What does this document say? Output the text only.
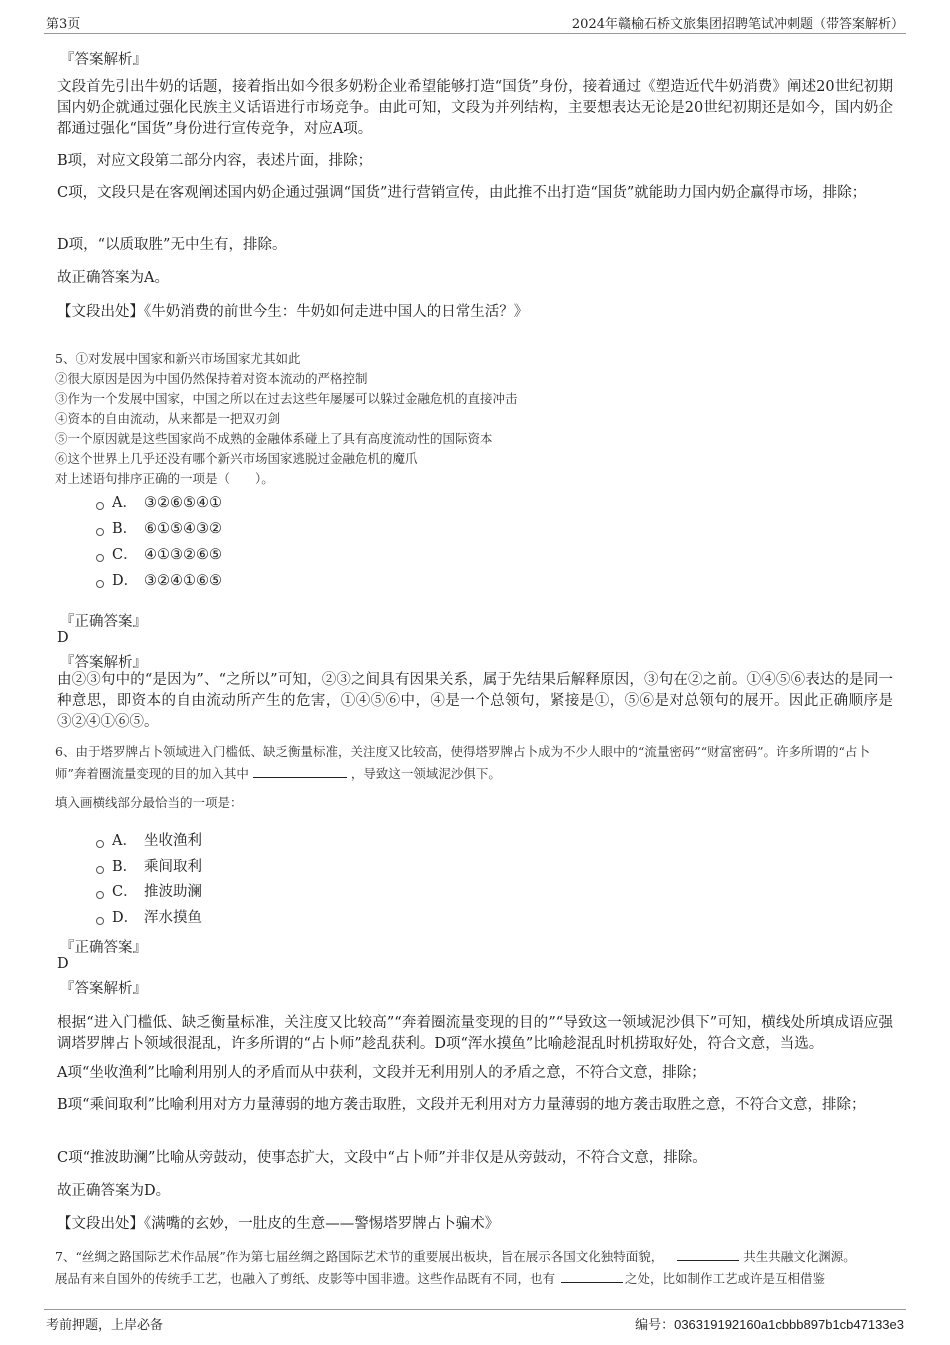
第3页	2024年赣榆石桥文旅集团招聘笔试冲刺题（带答案解析）
『答案解析』
文段首先引出牛奶的话题，接着指出如今很多奶粉企业希望能够打造“国货”身份，接着通过《塑造近代牛奶消费》阐述20世纪初期国内奶企就通过强化民族主义话语进行市场竞争。由此可知，文段为并列结构，主要想表达无论是20世纪初期还是如今，国内奶企都通过强化“国货”身份进行宣传竞争，对应A项。
B项，对应文段第二部分内容，表述片面，排除；
C项，文段只是在客观阐述国内奶企通过强调“国货”进行营销宣传，由此推不出打造“国货”就能助力国内奶企赢得市场，排除；
D项，“以质取胜”无中生有，排除。
故正确答案为A。
【文段出处】《牛奶消费的前世今生：牛奶如何走进中国人的日常生活？》
5、①对发展中国家和新兴市场国家尤其如此
②很大原因是因为中国仍然保持着对资本流动的严格控制
③作为一个发展中国家，中国之所以在过去这些年屡屡可以躲过金融危机的直接冲击
④资本的自由流动，从来都是一把双刃剑
⑤一个原因就是这些国家尚不成熟的金融体系碰上了具有高度流动性的国际资本
⑥这个世界上几乎还没有哪个新兴市场国家逃脱过金融危机的魔爪
对上述语句排序正确的一项是（　　）。
A． ③②⑥⑤④①
B． ⑥①⑤④③②
C． ④①③②⑥⑤
D． ③②④①⑥⑤
『正确答案』
D
『答案解析』
由②③句中的“是因为”、“之所以”可知，②③之间具有因果关系，属于先结果后解释原因，③句在②之前。①④⑤⑥表达的是同一种意思，即资本的自由流动所产生的危害，①④⑤⑥中，④是一个总领句，紧接是①，⑤⑥是对总领句的展开。因此正确顺序是③②④①⑥⑤。
6、由于塔罗牌占卜领域进入门槛低、缺乏衡量标准，关注度又比较高，使得塔罗牌占卜成为不少人眼中的“流量密码”“财富密码”。许多所谓的“占卜师”奔着圈流量变现的目的加入其中	，导致这一领域泥沙俱下。
填入画横线部分最恰当的一项是：
A． 坐收渔利
B． 乘间取利
C． 推波助澜
D． 浑水摸鱼
『正确答案』
D
『答案解析』
根据“进入门槛低、缺乏衡量标准，关注度又比较高”“奔着圈流量变现的目的”“导致这一领域泥沙俱下”可知，横线处所填成语应强调塔罗牌占卜领域很混乱，许多所谓的“占卜师”趁乱获利。D项“浑水摸鱼”比喻趁混乱时机捞取好处，符合文意，当选。
A项“坐收渔利”比喻利用别人的矛盾而从中获利，文段并无利用别人的矛盾之意，不符合文意，排除；
B项“乘间取利”比喻利用对方力量薄弱的地方袭击取胜，文段并无利用对方力量薄弱的地方袭击取胜之意，不符合文意，排除；
C项“推波助澜”比喻从旁鼓动，使事态扩大，文段中“占卜师”并非仅是从旁鼓动，不符合文意，排除。
故正确答案为D。
【文段出处】《满嘴的玄妙，一肚皮的生意——警惕塔罗牌占卜骗术》
7、“丝绸之路国际艺术作品展”作为第七届丝绸之路国际艺术节的重要展出板块，旨在展示各国文化独特面貌，	共生共融文化渊源。
展品有来自国外的传统手工艺，也融入了剪纸、皮影等中国非遗。这些作品既有不同，也有	之处，比如制作工艺或许是互相借鉴
考前押题，上岸必备	编号：036319192160a1cbbb897b1cb47133e3
